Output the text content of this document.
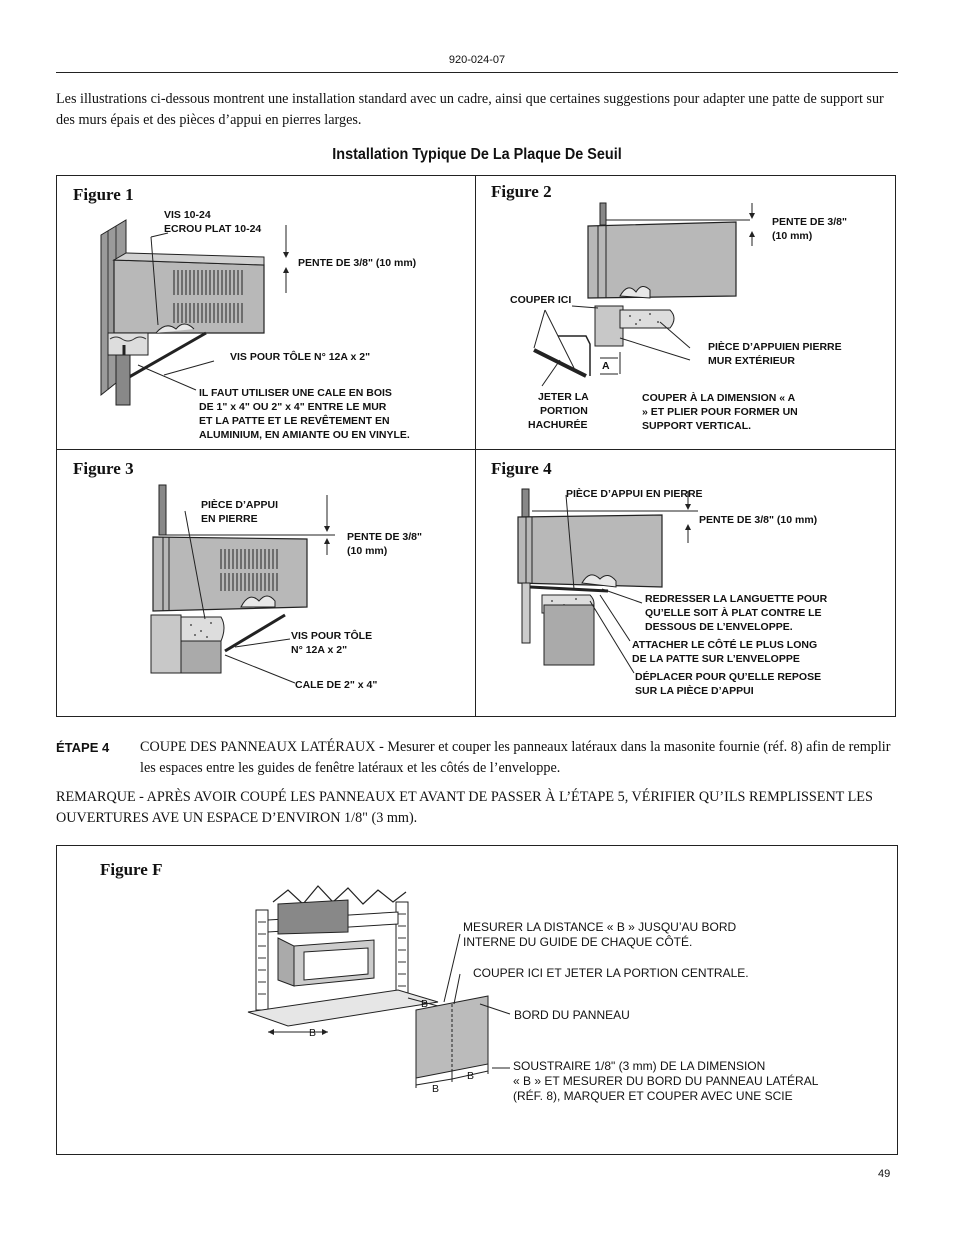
920-024-07
Les illustrations ci-dessous montrent une installation standard avec un cadre, ainsi que certaines suggestions pour adapter une patte de support sur des murs épais et des pièces d’appui en pierres larges.
Installation Typique De La Plaque De Seuil
Figure 1
VIS 10-24
ECROU PLAT 10-24
PENTE DE 3/8" (10 mm)
VIS POUR TÔLE N° 12A x 2"
IL FAUT UTILISER UNE CALE EN BOIS
DE 1" x 4" OU 2" x 4" ENTRE LE MUR
ET LA PATTE ET LE REVÊTEMENT EN
ALUMINIUM, EN AMIANTE OU EN VINYLE.
Figure 2
PENTE DE 3/8"
(10 mm)
COUPER ICI
PIÈCE D’APPUIEN PIERRE
MUR EXTÉRIEUR
A
JETER LA
PORTION
HACHURÉE
COUPER À LA DIMENSION « A
» ET PLIER POUR FORMER UN
SUPPORT VERTICAL.
Figure 3
PIÈCE D’APPUI
EN PIERRE
PENTE DE 3/8"
(10 mm)
VIS POUR TÔLE
N° 12A x 2"
CALE DE 2" x 4"
Figure 4
PIÈCE D’APPUI EN PIERRE
PENTE DE 3/8" (10 mm)
REDRESSER LA LANGUETTE POUR
QU’ELLE SOIT À PLAT CONTRE LE
DESSOUS DE L’ENVELOPPE.
ATTACHER LE CÔTÉ LE PLUS LONG
DE LA PATTE SUR L’ENVELOPPE
DÉPLACER POUR QU’ELLE REPOSE
SUR LA PIÈCE D’APPUI
ÉTAPE 4 COUPE DES PANNEAUX LATÉRAUX - Mesurer et couper les panneaux latéraux dans la masonite fournie (réf. 8) afin de remplir les espaces entre les guides de fenêtre latéraux et les côtés de l’enveloppe.
REMARQUE - APRÈS AVOIR COUPÉ LES PANNEAUX ET AVANT DE PASSER À L’ÉTAPE 5, VÉRIFIER QU’ILS REMPLISSENT LES OUVERTURES AVE UN ESPACE D’ENVIRON 1/8" (3 mm).
Figure F
B
B
B
B
MESURER LA DISTANCE « B » JUSQU’AU BORD
INTERNE DU GUIDE DE CHAQUE CÔTÉ.
COUPER ICI ET JETER LA PORTION CENTRALE.
BORD DU PANNEAU
SOUSTRAIRE 1/8" (3 mm) DE LA DIMENSION
« B » ET MESURER DU BORD DU PANNEAU LATÉRAL
(RÉF. 8), MARQUER ET COUPER AVEC UNE SCIE
49
